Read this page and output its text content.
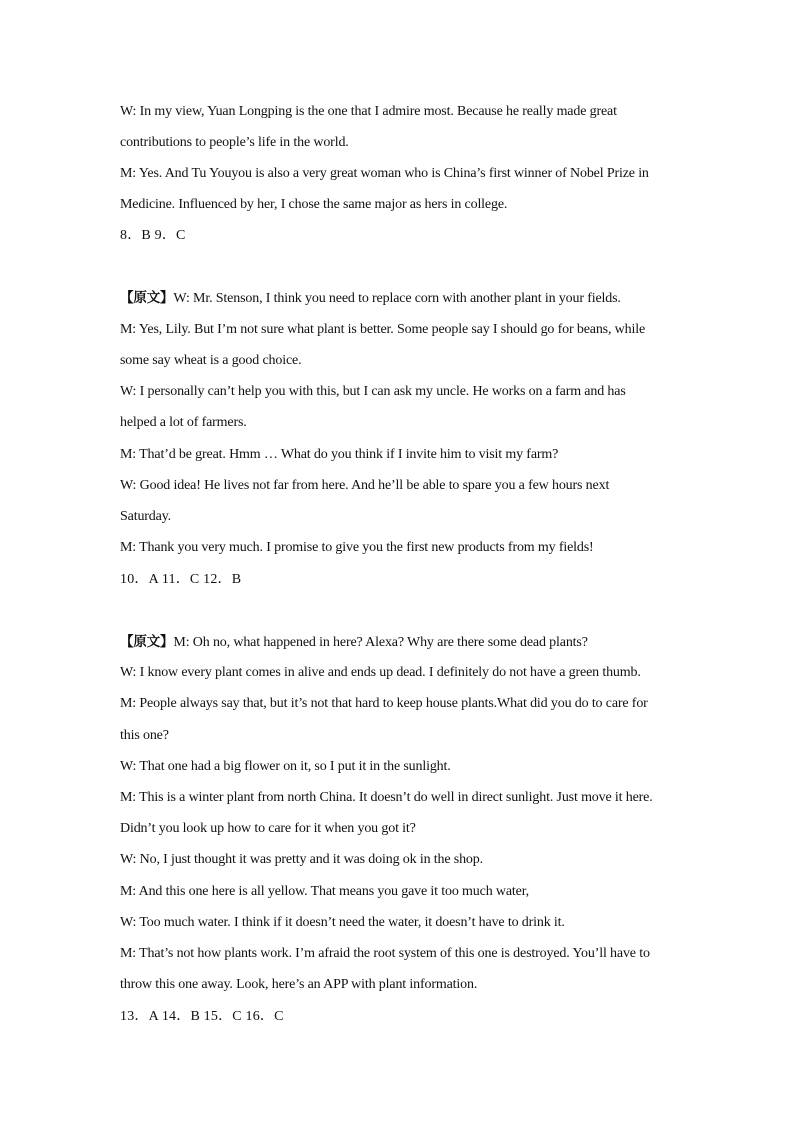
W: In my view, Yuan Longping is the one that I admire most. Because he really made great
contributions to people’s life in the world.
M: Yes. And Tu Youyou is also a very great woman who is China’s first winner of Nobel Prize in
Medicine. Influenced by her, I chose the same major as hers in college.
8．B 9．C
【原文】W: Mr. Stenson, I think you need to replace corn with another plant in your fields.
M: Yes, Lily. But I’m not sure what plant is better. Some people say I should go for beans, while
some say wheat is a good choice.
W: I personally can’t help you with this, but I can ask my uncle. He works on a farm and has
helped a lot of farmers.
M: That’d be great. Hmm … What do you think if I invite him to visit my farm?
W: Good idea! He lives not far from here. And he’ll be able to spare you a few hours next
Saturday.
M: Thank you very much. I promise to give you the first new products from my fields!
10．A 11．C 12．B
【原文】M: Oh no, what happened in here? Alexa? Why are there some dead plants?
W: I know every plant comes in alive and ends up dead. I definitely do not have a green thumb.
M: People always say that, but it’s not that hard to keep house plants.What did you do to care for
this one?
W: That one had a big flower on it, so I put it in the sunlight.
M: This is a winter plant from north China. It doesn’t do well in direct sunlight. Just move it here.
Didn’t you look up how to care for it when you got it?
W: No, I just thought it was pretty and it was doing ok in the shop.
M: And this one here is all yellow. That means you gave it too much water,
W: Too much water. I think if it doesn’t need the water, it doesn’t have to drink it.
M: That’s not how plants work. I’m afraid the root system of this one is destroyed. You’ll have to
throw this one away. Look, here’s an APP with plant information.
13．A 14．B 15．C 16．C
